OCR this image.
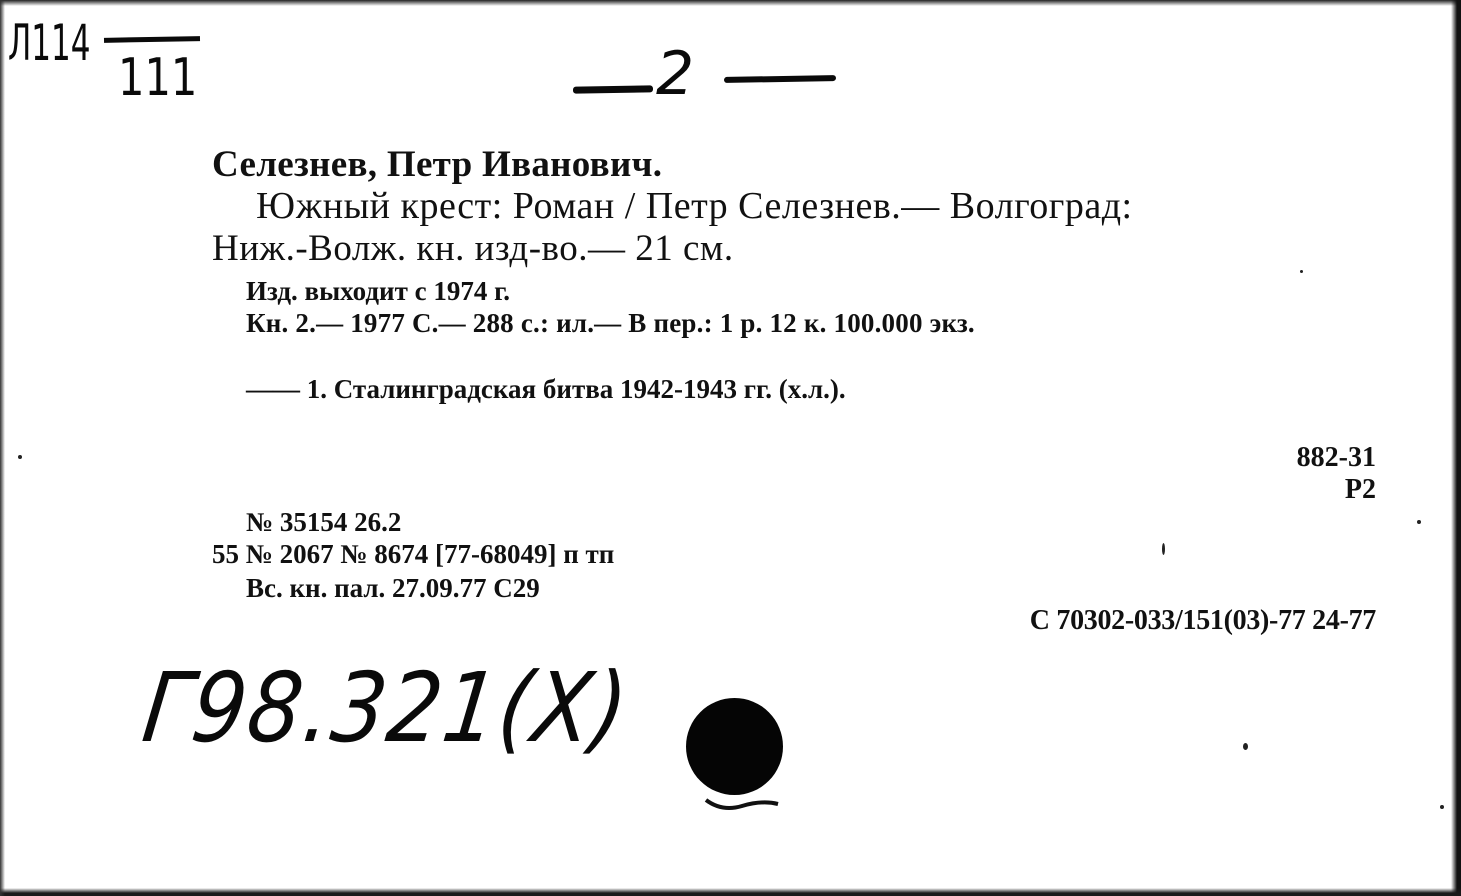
Л114
111	2
Селезнев, Петр Иванович.
Южный крест: Роман / Петр Селезнев.— Волгоград:
Ниж.-Волж. кн. изд-во.— 21 см.
Изд. выходит с 1974 г.
Кн. 2.— 1977 С.— 288 с.: ил.— В пер.: 1 р. 12 к. 100.000 экз.
—— 1. Сталинградская битва 1942-1943 гг. (х.л.).
882-31
Р2
№ 35154 26.2
55 № 2067 № 8674 [77-68049] п тп
Вс. кн. пал. 27.09.77 С29
С 70302-033/151(03)-77 24-77
Г98.321(Х)
